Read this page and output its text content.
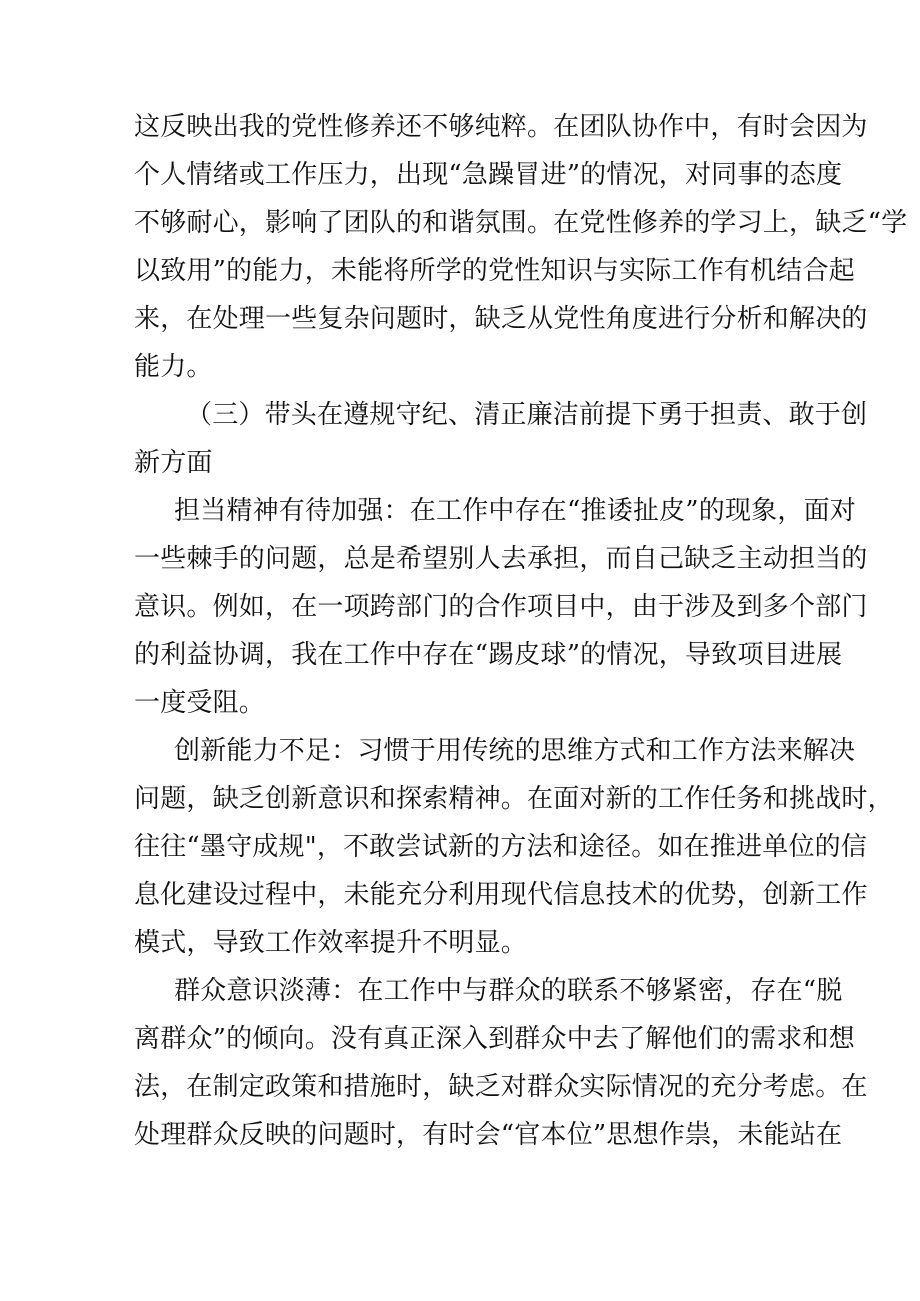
这反映出我的党性修养还不够纯粹。在团队协作中，有时会因为
个人情绪或工作压力，出现“急躁冒进”的情况，对同事的态度
不够耐心，影响了团队的和谐氛围。在党性修养的学习上，缺乏“学
以致用”的能力，未能将所学的党性知识与实际工作有机结合起
来，在处理一些复杂问题时，缺乏从党性角度进行分析和解决的
能力。
（三）带头在遵规守纪、清正廉洁前提下勇于担责、敢于创
新方面
担当精神有待加强：在工作中存在“推诿扯皮”的现象，面对
一些棘手的问题，总是希望别人去承担，而自己缺乏主动担当的
意识。例如，在一项跨部门的合作项目中，由于涉及到多个部门
的利益协调，我在工作中存在“踢皮球”的情况，导致项目进展
一度受阻。
创新能力不足：习惯于用传统的思维方式和工作方法来解决
问题，缺乏创新意识和探索精神。在面对新的工作任务和挑战时，
往往“墨守成规"，不敢尝试新的方法和途径。如在推进单位的信
息化建设过程中，未能充分利用现代信息技术的优势，创新工作
模式，导致工作效率提升不明显。
群众意识淡薄：在工作中与群众的联系不够紧密，存在“脱
离群众”的倾向。没有真正深入到群众中去了解他们的需求和想
法，在制定政策和措施时，缺乏对群众实际情况的充分考虑。在
处理群众反映的问题时，有时会“官本位”思想作祟，未能站在
